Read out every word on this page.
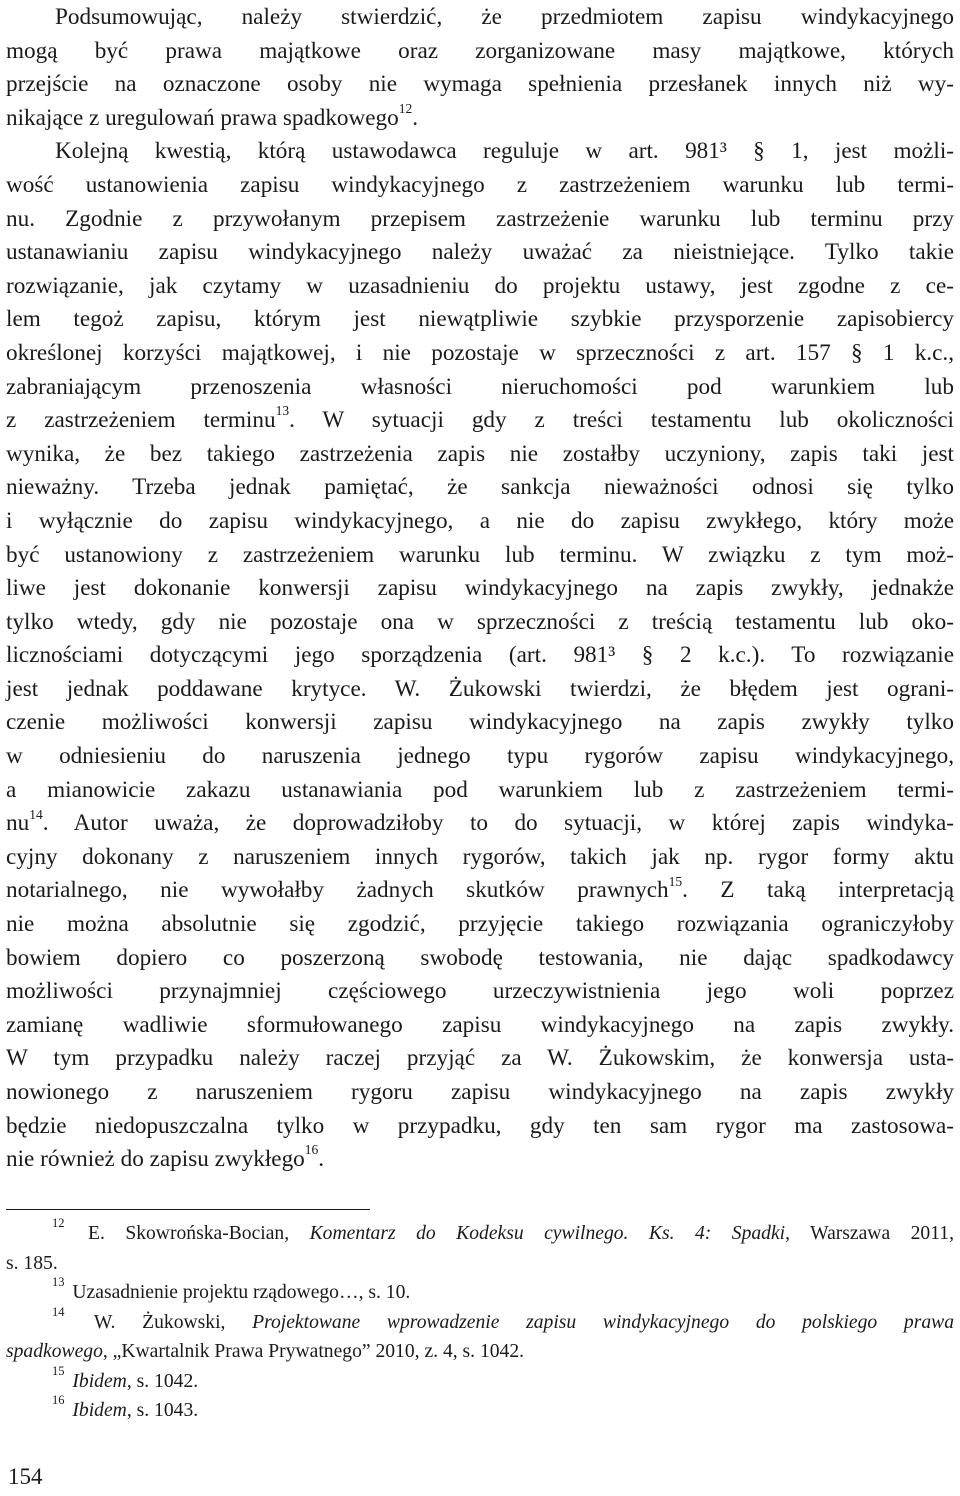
Podsumowując, należy stwierdzić, że przedmiotem zapisu windykacyjnego
mogą być prawa majątkowe oraz zorganizowane masy majątkowe, których
przejście na oznaczone osoby nie wymaga spełnienia przesłanek innych niż wy-
nikające z uregulowań prawa spadkowego$^{12}$.
Kolejną kwestią, którą ustawodawca reguluje w art. 981³ § 1, jest możli-
wość ustanowienia zapisu windykacyjnego z zastrzeżeniem warunku lub termi-
nu. Zgodnie z przywołanym przepisem zastrzeżenie warunku lub terminu przy
ustanawianiu zapisu windykacyjnego należy uważać za nieistniejące. Tylko takie
rozwiązanie, jak czytamy w uzasadnieniu do projektu ustawy, jest zgodne z ce-
lem tegoż zapisu, którym jest niewątpliwie szybkie przysporzenie zapisobiercy
określonej korzyści majątkowej, i nie pozostaje w sprzeczności z art. 157 § 1 k.c.,
zabraniającym przenoszenia własności nieruchomości pod warunkiem lub
z zastrzeżeniem terminu$^{13}$. W sytuacji gdy z treści testamentu lub okoliczności
wynika, że bez takiego zastrzeżenia zapis nie zostałby uczyniony, zapis taki jest
nieważny. Trzeba jednak pamiętać, że sankcja nieważności odnosi się tylko
i wyłącznie do zapisu windykacyjnego, a nie do zapisu zwykłego, który może
być ustanowiony z zastrzeżeniem warunku lub terminu. W związku z tym moż-
liwe jest dokonanie konwersji zapisu windykacyjnego na zapis zwykły, jednakże
tylko wtedy, gdy nie pozostaje ona w sprzeczności z treścią testamentu lub oko-
licznościami dotyczącymi jego sporządzenia (art. 981³ § 2 k.c.). To rozwiązanie
jest jednak poddawane krytyce. W. Żukowski twierdzi, że błędem jest ograni-
czenie możliwości konwersji zapisu windykacyjnego na zapis zwykły tylko
w odniesieniu do naruszenia jednego typu rygorów zapisu windykacyjnego,
a mianowicie zakazu ustanawiania pod warunkiem lub z zastrzeżeniem termi-
$nu^{14}$. Autor uważa, że doprowadziłoby to do sytuacji, w której zapis windyka-
cyjny dokonany z naruszeniem innych rygorów, takich jak np. rygor formy aktu
notarialnego, nie wywołałby żadnych skutków prawnych$^{15}$. Z taką interpretacją
nie można absolutnie się zgodzić, przyjęcie takiego rozwiązania ograniczyłoby
bowiem dopiero co poszerzoną swobodę testowania, nie dając spadkodawcy
możliwości przynajmniej częściowego urzeczywistnienia jego woli poprzez
zamianę wadliwie sformułowanego zapisu windykacyjnego na zapis zwykły.
W tym przypadku należy raczej przyjąć za W. Żukowskim, że konwersja usta-
nowionego z naruszeniem rygoru zapisu windykacyjnego na zapis zwykły
będzie niedopuszczalna tylko w przypadku, gdy ten sam rygor ma zastosowa-
nie również do zapisu zwykłego$^{16}$.
$^{12}$ E. Skowrońska-Bocian, Komentarz do Kodeksu cywilnego. Ks. 4: Spadki, Warszawa 2011,
s. 185.
$^{13}$ Uzasadnienie projektu rządowego…, s. 10.
$^{14}$ W. Żukowski, Projektowane wprowadzenie zapisu windykacyjnego do polskiego prawa
spadkowego, „Kwartalnik Prawa Prywatnego” 2010, z. 4, s. 1042.
$^{15}$ Ibidem, s. 1042.
$^{16}$ Ibidem, s. 1043.
154
